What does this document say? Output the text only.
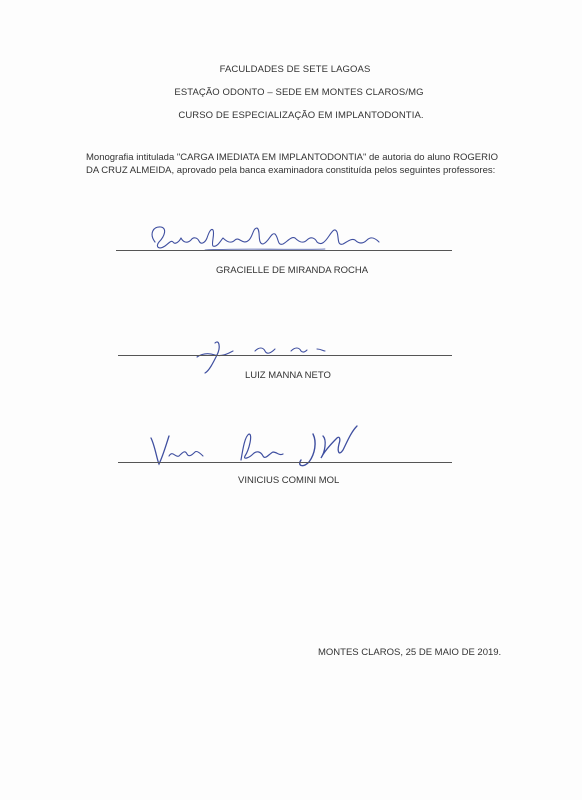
FACULDADES DE SETE LAGOAS
ESTAÇÃO ODONTO – SEDE EM MONTES CLAROS/MG
CURSO DE ESPECIALIZAÇÃO EM IMPLANTODONTIA.
Monografia intitulada "CARGA IMEDIATA EM IMPLANTODONTIA" de autoria do aluno ROGERIO DA CRUZ ALMEIDA, aprovado pela banca examinadora constituída pelos seguintes professores:
GRACIELLE DE MIRANDA ROCHA
LUIZ MANNA NETO
VINICIUS COMINI MOL
MONTES CLAROS, 25 DE MAIO DE 2019.
